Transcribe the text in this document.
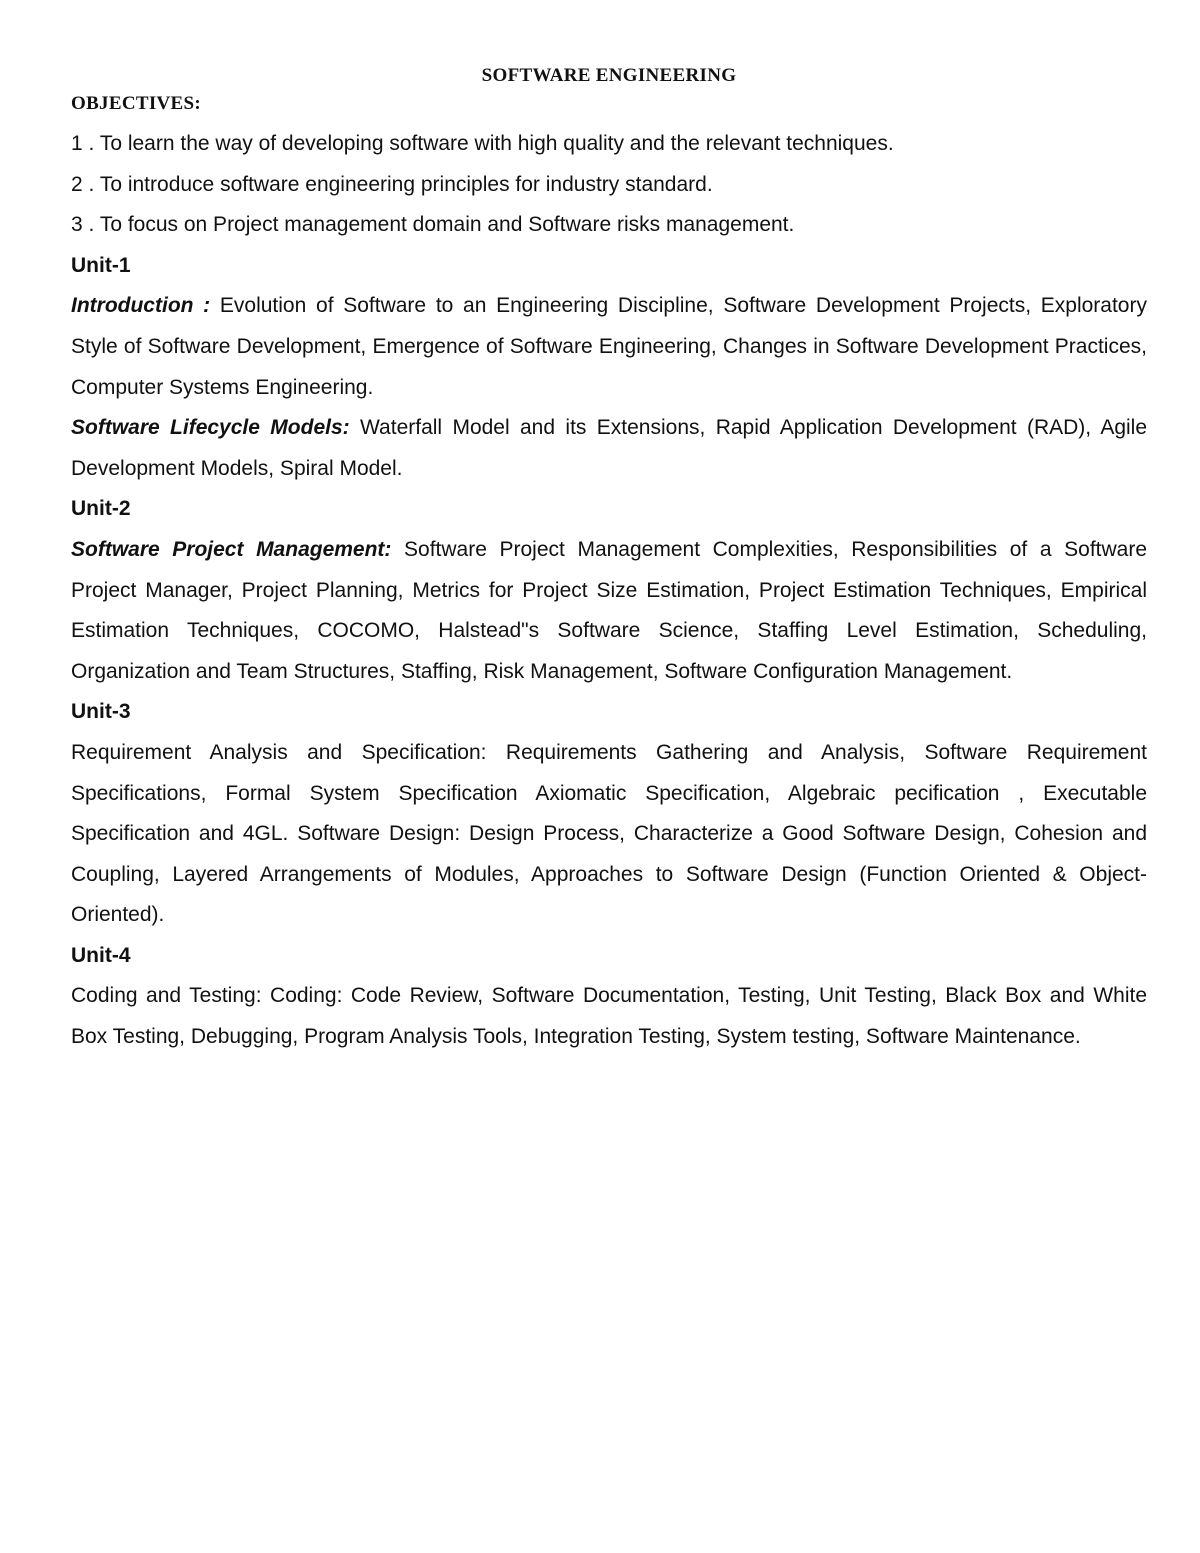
SOFTWARE ENGINEERING
OBJECTIVES:

1 . To learn the way of developing software with high quality and the relevant techniques.

2 . To introduce software engineering principles for industry standard.

3 . To focus on Project management domain and Software risks management.

Unit-1

Introduction : Evolution of Software to an Engineering Discipline, Software Development Projects, Exploratory Style of Software Development, Emergence of Software Engineering, Changes in Software Development Practices, Computer Systems Engineering.

Software Lifecycle Models: Waterfall Model and its Extensions, Rapid Application Development (RAD), Agile Development Models, Spiral Model.

Unit-2

Software Project Management: Software Project Management Complexities, Responsibilities of a Software Project Manager, Project Planning, Metrics for Project Size Estimation, Project Estimation Techniques, Empirical Estimation Techniques, COCOMO, Halstead"s Software Science, Staffing Level Estimation, Scheduling, Organization and Team Structures, Staffing, Risk Management, Software Configuration Management.

Unit-3

Requirement Analysis and Specification: Requirements Gathering and Analysis, Software Requirement Specifications, Formal System Specification Axiomatic Specification, Algebraic pecification , Executable Specification and 4GL. Software Design: Design Process, Characterize a Good Software Design, Cohesion and Coupling, Layered Arrangements of Modules, Approaches to Software Design (Function Oriented & Object-Oriented).

Unit-4

Coding and Testing: Coding: Code Review, Software Documentation, Testing, Unit Testing, Black Box and White Box Testing, Debugging, Program Analysis Tools, Integration Testing, System testing, Software Maintenance.
